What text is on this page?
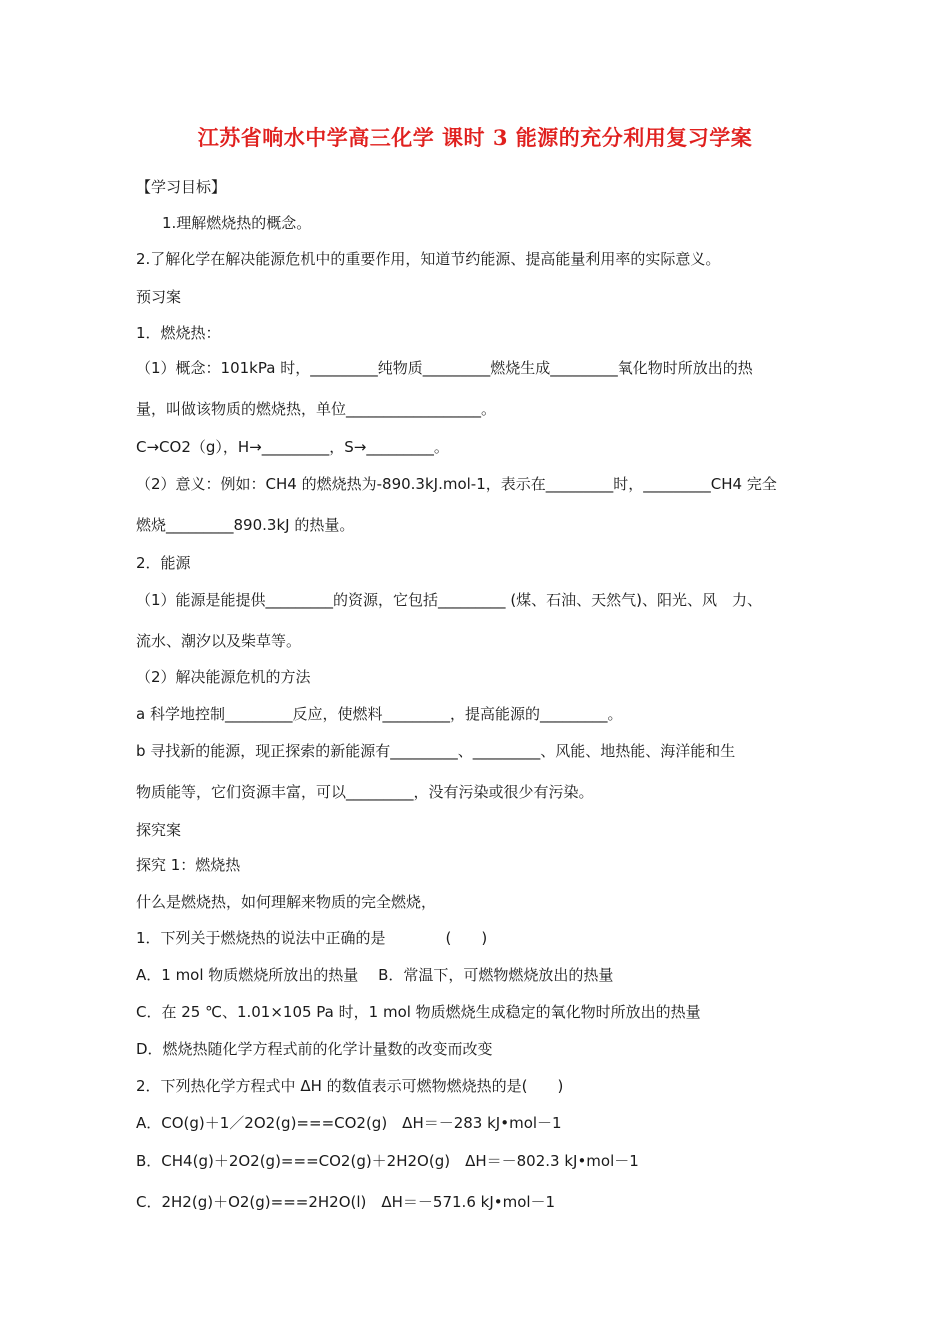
江苏省响水中学高三化学 课时 3 能源的充分利用复习学案
【学习目标】
1.理解燃烧热的概念。
2.了解化学在解决能源危机中的重要作用，知道节约能源、提高能量利用率的实际意义。
预习案
1．燃烧热：
（1）概念：101kPa 时，_________纯物质_________燃烧生成_________氧化物时所放出的热
量，叫做该物质的燃烧热，单位__________________。
C→CO2（g），H→_________，S→_________。
（2）意义：例如：CH4 的燃烧热为-890.3kJ.mol-1，表示在_________时，_________CH4 完全
燃烧_________890.3kJ 的热量。
2．能源
（1）能源是能提供_________的资源，它包括_________ (煤、石油、天然气)、阳光、风　力、
流水、潮汐以及柴草等。
（2）解决能源危机的方法
a 科学地控制_________反应，使燃料_________，提高能源的_________。
b 寻找新的能源，现正探索的新能源有_________、_________、风能、地热能、海洋能和生
物质能等，它们资源丰富，可以_________，没有污染或很少有污染。
探究案
探究 1：燃烧热
什么是燃烧热，如何理解来物质的完全燃烧，
1．下列关于燃烧热的说法中正确的是　　　　(　　)
A．1 mol 物质燃烧所放出的热量　 B．常温下，可燃物燃烧放出的热量
C．在 25 ℃、1.01×105 Pa 时，1 mol 物质燃烧生成稳定的氧化物时所放出的热量
D．燃烧热随化学方程式前的化学计量数的改变而改变
2．下列热化学方程式中 ΔH 的数值表示可燃物燃烧热的是(　　)
A．CO(g)＋1／2O2(g)===CO2(g)　ΔH＝－283 kJ•mol－1
B．CH4(g)＋2O2(g)===CO2(g)＋2H2O(g)　ΔH＝－802.3 kJ•mol－1
C．2H2(g)＋O2(g)===2H2O(l)　ΔH＝－571.6 kJ•mol－1
